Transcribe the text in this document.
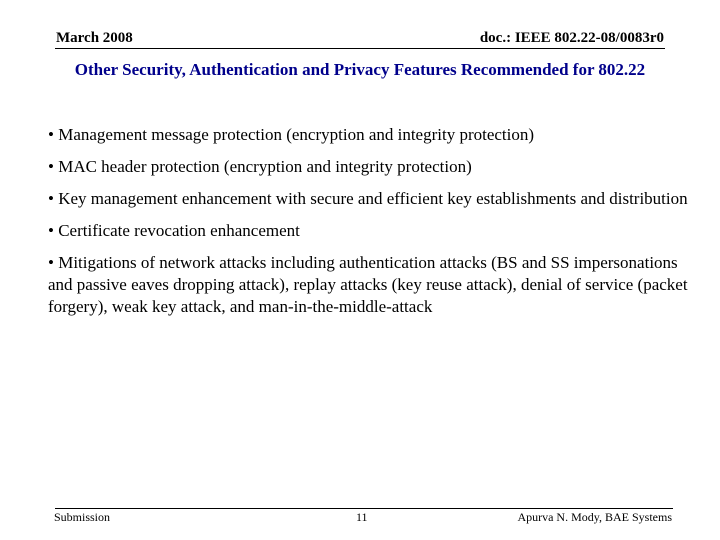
March 2008	doc.: IEEE 802.22-08/0083r0
Other Security, Authentication and Privacy Features Recommended for 802.22

• Management message protection (encryption and integrity protection)

• MAC header protection (encryption and integrity protection)

• Key management enhancement with secure and efficient key establishments and distribution

• Certificate revocation enhancement

• Mitigations of network attacks including authentication attacks (BS and SS impersonations and passive eaves dropping attack), replay attacks (key reuse attack), denial of service (packet forgery), weak key attack, and man-in-the-middle-attack

Submission	11	Apurva N. Mody, BAE Systems
